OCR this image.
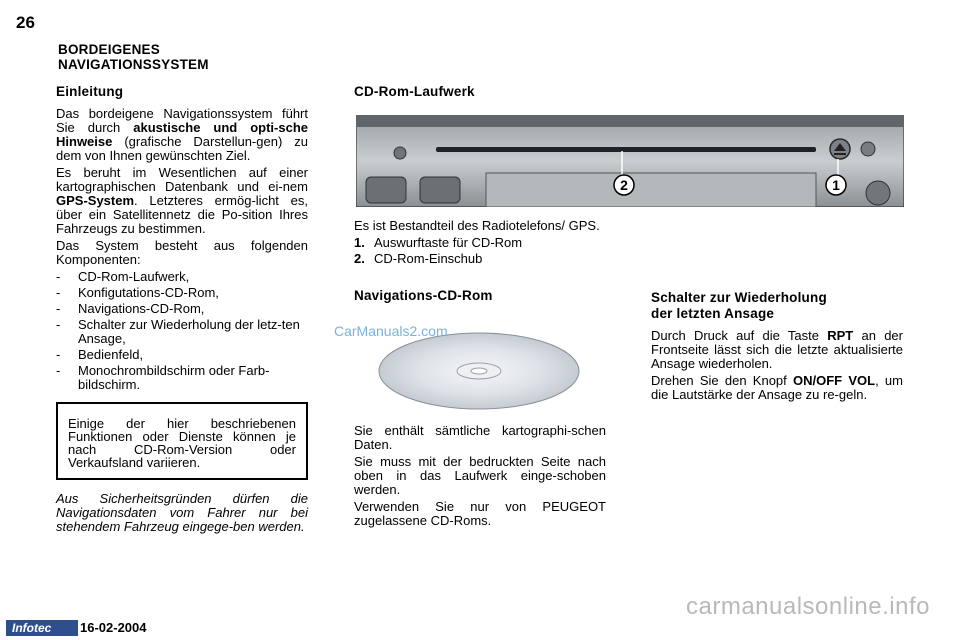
26
BORDEIGENES
NAVIGATIONSSYSTEM
Einleitung

Das bordeigene Navigationssystem führt Sie durch akustische und opti-sche Hinweise (grafische Darstellun-gen) zu dem von Ihnen gewünschten Ziel.

Es beruht im Wesentlichen auf einer kartographischen Datenbank und ei-nem GPS-System. Letzteres ermög-licht es, über ein Satellitennetz die Po-sition Ihres Fahrzeugs zu bestimmen.

Das System besteht aus folgenden Komponenten:

- CD-Rom-Laufwerk,
- Konfigutations-CD-Rom,
- Navigations-CD-Rom,
- Schalter zur Wiederholung der letz-ten Ansage,
- Bedienfeld,
- Monochrombildschirm oder Farb-bildschirm.
Einige der hier beschriebenen Funktionen oder Dienste können je nach CD-Rom-Version oder Verkaufsland variieren.
Aus Sicherheitsgründen dürfen die Navigationsdaten vom Fahrer nur bei stehendem Fahrzeug eingege-ben werden.
CD-Rom-Laufwerk
2	1

Es ist Bestandteil des Radiotelefons/ GPS.

1. Auswurftaste für CD-Rom
2. CD-Rom-Einschub
Navigations-CD-Rom
CarManuals2.com

Sie enthält sämtliche kartographi-schen Daten.

Sie muss mit der bedruckten Seite nach oben in das Laufwerk einge-schoben werden.

Verwenden Sie nur von PEUGEOT zugelassene CD-Roms.

Schalter zur Wiederholung
der letzten Ansage

Durch Druck auf die Taste RPT an der Frontseite lässt sich die letzte aktualisierte Ansage wiederholen.

Drehen Sie den Knopf ON/OFF VOL, um die Lautstärke der Ansage zu re-geln.

Infotec	16-02-2004
carmanualsonline.info
